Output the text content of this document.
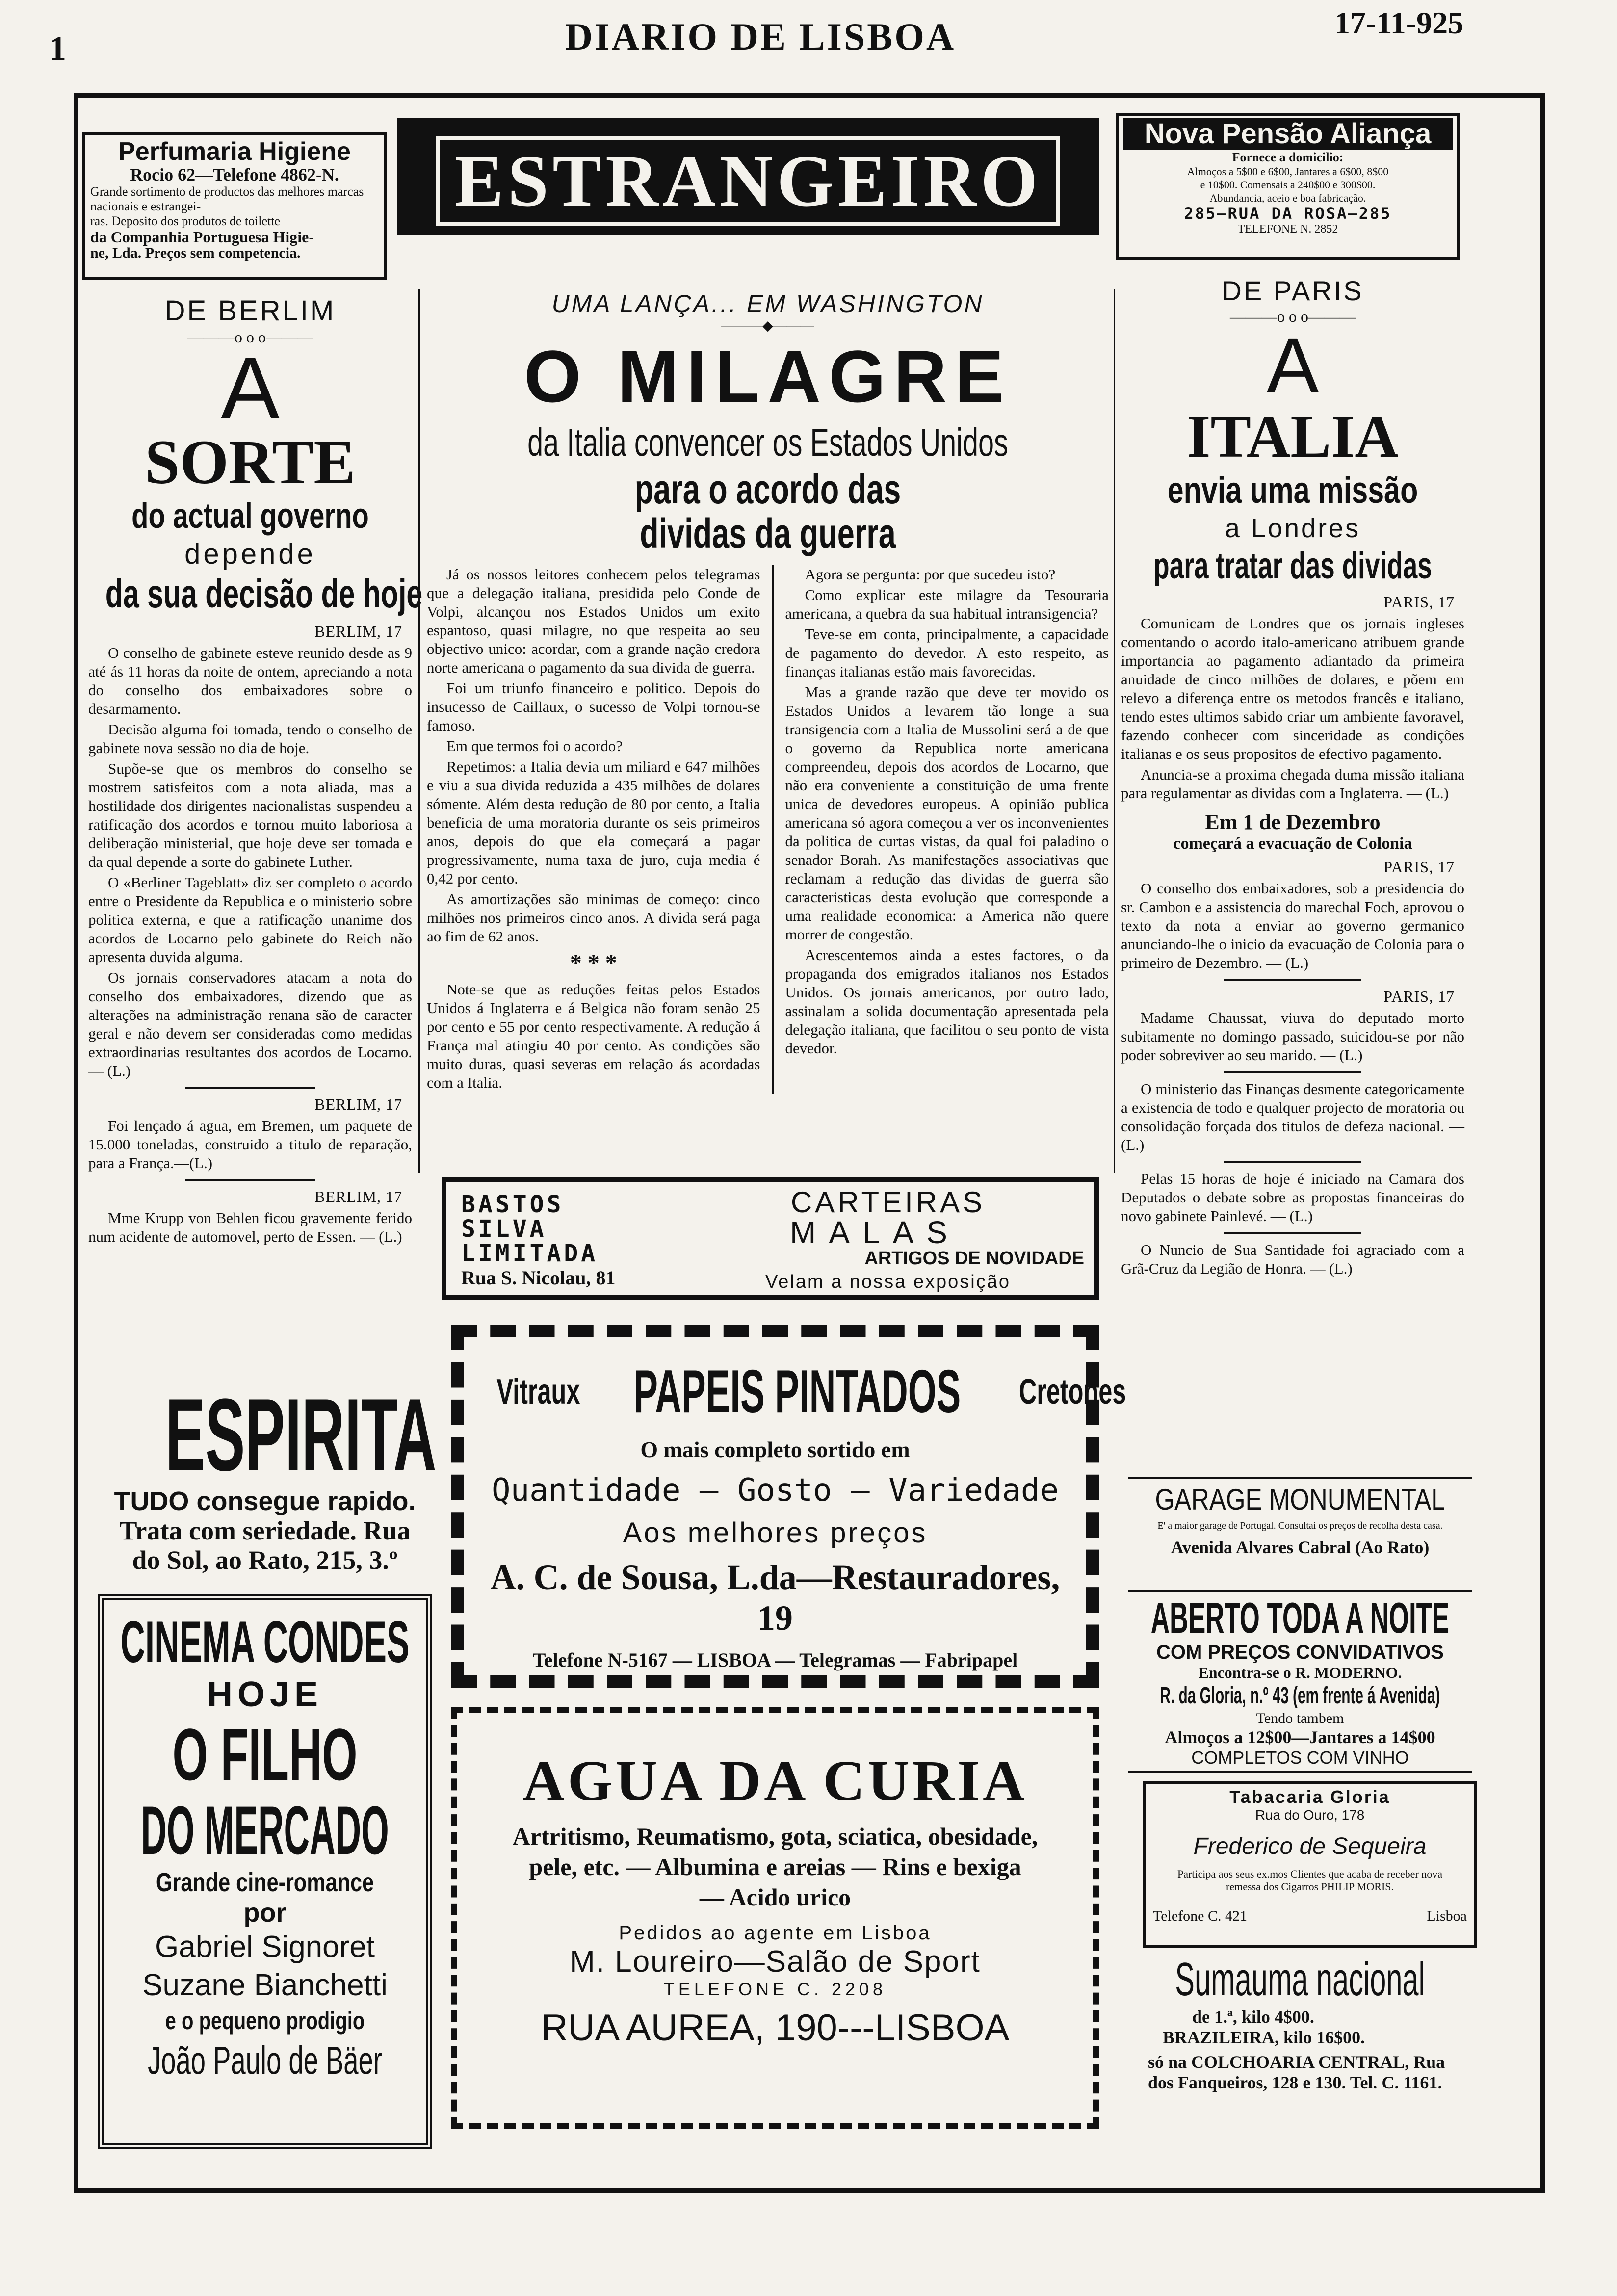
1	DIARIO DE LISBOA	17-11-925
Perfumaria Higiene
Rocio 62—Telefone 4862-N.
Grande sortimento de productos das melhores marcas nacionais e estrangei-
ras. Deposito dos produtos de toilette
da Companhia Portuguesa Higie-
ne, Lda. Preços sem competencia.
ESTRANGEIRO
Nova Pensão Aliança
Fornece a domicilio:
Almoços a 5$00 e 6$00, Jantares a 6$00, 8$00
e 10$00. Comensais a 240$00 e 300$00.
Abundancia, aceio e boa fabricação.
285—RUA DA ROSA—285
TELEFONE N. 2852
DE BERLIM
———o o o———
A
SORTE
do actual governo
depende
da sua decisão de hoje
BERLIM, 17

O conselho de gabinete esteve reunido desde as 9 até ás 11 horas da noite de ontem, apreciando a nota do conselho dos embaixadores sobre o desarmamento.

Decisão alguma foi tomada, tendo o conselho de gabinete nova sessão no dia de hoje.

Supõe-se que os membros do conselho se mostrem satisfeitos com a nota aliada, mas a hostilidade dos dirigentes nacionalistas suspendeu a ratificação dos acordos e tornou muito laboriosa a deliberação ministerial, que hoje deve ser tomada e da qual depende a sorte do gabinete Luther.

O «Berliner Tageblatt» diz ser completo o acordo entre o Presidente da Republica e o ministerio sobre politica externa, e que a ratificação unanime dos acordos de Locarno pelo gabinete do Reich não apresenta duvida alguma.

Os jornais conservadores atacam a nota do conselho dos embaixadores, dizendo que as alterações na administração renana são de caracter geral e não devem ser consideradas como medidas extraordinarias resultantes dos acordos de Locarno. — (L.)

BERLIM, 17

Foi lençado á agua, em Bremen, um paquete de 15.000 toneladas, construido a titulo de reparação, para a França.—(L.)

BERLIM, 17

Mme Krupp von Behlen ficou gravemente ferido num acidente de automovel, perto de Essen. — (L.)

UMA LANÇA... EM WASHINGTON
———◆———
O MILAGRE
da Italia convencer os Estados Unidos
para o acordo das
dividas da guerra

Já os nossos leitores conhecem pelos telegramas que a delegação italiana, presidida pelo Conde de Volpi, alcançou nos Estados Unidos um exito espantoso, quasi milagre, no que respeita ao seu objectivo unico: acordar, com a grande nação credora norte americana o pagamento da sua divida de guerra.

Foi um triunfo financeiro e politico. Depois do insucesso de Caillaux, o sucesso de Volpi tornou-se famoso.

Em que termos foi o acordo?

Repetimos: a Italia devia um miliard e 647 milhões e viu a sua divida reduzida a 435 milhões de dolares sómente. Além desta redução de 80 por cento, a Italia beneficia de uma moratoria durante os seis primeiros anos, depois do que ela começará a pagar progressivamente, numa taxa de juro, cuja media é 0,42 por cento.

As amortizações são minimas de começo: cinco milhões nos primeiros cinco anos. A divida será paga ao fim de 62 anos.

* * *

Note-se que as reduções feitas pelos Estados Unidos á Inglaterra e á Belgica não foram senão 25 por cento e 55 por cento respectivamente. A redução á França mal atingiu 40 por cento. As condições são muito duras, quasi severas em relação ás acordadas com a Italia.

Agora se pergunta: por que sucedeu isto?

Como explicar este milagre da Tesouraria americana, a quebra da sua habitual intransigencia?

Teve-se em conta, principalmente, a capacidade de pagamento do devedor. A esto respeito, as finanças italianas estão mais favorecidas.

Mas a grande razão que deve ter movido os Estados Unidos a levarem tão longe a sua transigencia com a Italia de Mussolini será a de que o governo da Republica norte americana compreendeu, depois dos acordos de Locarno, que não era conveniente a constituição de uma frente unica de devedores europeus. A opinião publica americana só agora começou a ver os inconvenientes da politica de curtas vistas, da qual foi paladino o senador Borah. As manifestações associativas que reclamam a redução das dividas de guerra são caracteristicas desta evolução que corresponde a uma realidade economica: a America não quere morrer de congestão.

Acrescentemos ainda a estes factores, o da propaganda dos emigrados italianos nos Estados Unidos. Os jornais americanos, por outro lado, assinalam a solida documentação apresentada pela delegação italiana, que facilitou o seu ponto de vista devedor.

DE PARIS
———o o o———
A
ITALIA
envia uma missão
a Londres
para tratar das dividas
PARIS, 17

Comunicam de Londres que os jornais ingleses comentando o acordo italo-americano atribuem grande importancia ao pagamento adiantado da primeira anuidade de cinco milhões de dolares, e põem em relevo a diferença entre os metodos francês e italiano, tendo estes ultimos sabido criar um ambiente favoravel, fazendo conhecer com sinceridade as condições italianas e os seus propositos de efectivo pagamento.

Anuncia-se a proxima chegada duma missão italiana para regulamentar as dividas com a Inglaterra. — (L.)

Em 1 de Dezembro
começará a evacuação de Colonia
PARIS, 17

O conselho dos embaixadores, sob a presidencia do sr. Cambon e a assistencia do marechal Foch, aprovou o texto da nota a enviar ao governo germanico anunciando-lhe o inicio da evacuação de Colonia para o primeiro de Dezembro. — (L.)

PARIS, 17

Madame Chaussat, viuva do deputado morto subitamente no domingo passado, suicidou-se por não poder sobreviver ao seu marido. — (L.)

O ministerio das Finanças desmente categoricamente a existencia de todo e qualquer projecto de moratoria ou consolidação forçada dos titulos de defeza nacional. — (L.)

Pelas 15 horas de hoje é iniciado na Camara dos Deputados o debate sobre as propostas financeiras do novo gabinete Painlevé. — (L.)

O Nuncio de Sua Santidade foi agraciado com a Grã-Cruz da Legião de Honra. — (L.)

BASTOS
SILVA
LIMITADA
Rua S. Nicolau, 81
CARTEIRAS
MALAS
ARTIGOS DE NOVIDADE
Velam a nossa exposição
Vitraux PAPEIS PINTADOS Cretones
O mais completo sortido em
Quantidade — Gosto — Variedade
Aos melhores preços
A. C. de Sousa, L.da—Restauradores, 19
Telefone N-5167 — LISBOA — Telegramas — Fabripapel
AGUA DA CURIA
Artritismo, Reumatismo, gota, sciatica, obesidade,
pele, etc. — Albumina e areias — Rins e bexiga
— Acido urico
Pedidos ao agente em Lisboa
M. Loureiro—Salão de Sport
TELEFONE C. 2208
RUA AUREA, 190---LISBOA
ESPIRITA
TUDO consegue rapido.
Trata com seriedade. Rua
do Sol, ao Rato, 215, 3.º
CINEMA CONDES
HOJE
O FILHO
DO MERCADO
Grande cine-romance
por
Gabriel Signoret
Suzane Bianchetti
e o pequeno prodigio
João Paulo de Bäer
GARAGE MONUMENTAL
E' a maior garage de Portugal. Consultai os preços de recolha desta casa.
Avenida Alvares Cabral (Ao Rato)
ABERTO TODA A NOITE
COM PREÇOS CONVIDATIVOS
Encontra-se o R. MODERNO.
R. da Gloria, n.º 43 (em frente á Avenida)
Tendo tambem
Almoços a 12$00—Jantares a 14$00
COMPLETOS COM VINHO
Tabacaria Gloria
Rua do Ouro, 178
Frederico de Sequeira
Participa aos seus ex.mos Clientes que acaba de receber nova remessa dos Cigarros PHILIP MORIS.
Telefone C. 421	Lisboa
Sumauma nacional
de 1.ª, kilo 4$00.
BRAZILEIRA, kilo 16$00.
só na COLCHOARIA CENTRAL, Rua
dos Fanqueiros, 128 e 130. Tel. C. 1161.
